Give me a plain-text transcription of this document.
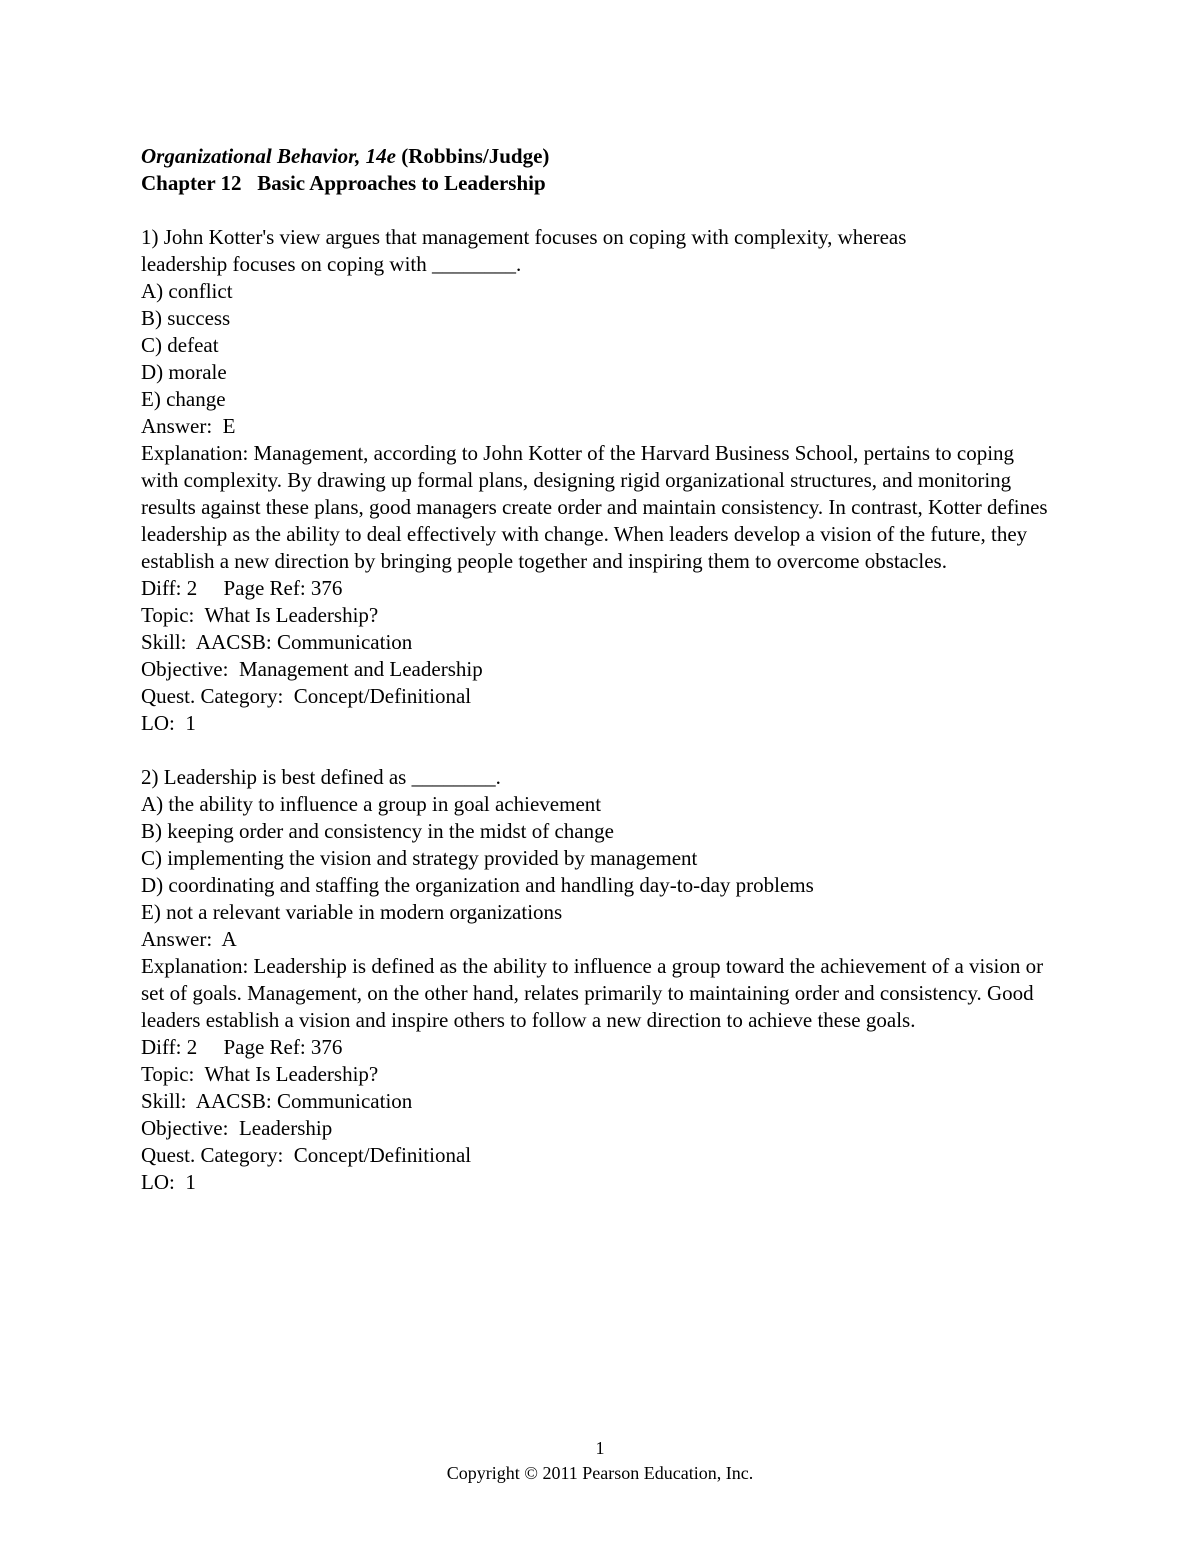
Organizational Behavior, 14e (Robbins/Judge)
Chapter 12   Basic Approaches to Leadership
1) John Kotter's view argues that management focuses on coping with complexity, whereas
leadership focuses on coping with ________.
A) conflict
B) success
C) defeat
D) morale
E) change
Answer:  E
Explanation: Management, according to John Kotter of the Harvard Business School, pertains to coping with complexity. By drawing up formal plans, designing rigid organizational structures, and monitoring results against these plans, good managers create order and maintain consistency. In contrast, Kotter defines leadership as the ability to deal effectively with change. When leaders develop a vision of the future, they establish a new direction by bringing people together and inspiring them to overcome obstacles.
Diff: 2     Page Ref: 376
Topic:  What Is Leadership?
Skill:  AACSB: Communication
Objective:  Management and Leadership
Quest. Category:  Concept/Definitional
LO:  1
2) Leadership is best defined as ________.
A) the ability to influence a group in goal achievement
B) keeping order and consistency in the midst of change
C) implementing the vision and strategy provided by management
D) coordinating and staffing the organization and handling day-to-day problems
E) not a relevant variable in modern organizations
Answer:  A
Explanation: Leadership is defined as the ability to influence a group toward the achievement of a vision or set of goals. Management, on the other hand, relates primarily to maintaining order and consistency. Good leaders establish a vision and inspire others to follow a new direction to achieve these goals.
Diff: 2     Page Ref: 376
Topic:  What Is Leadership?
Skill:  AACSB: Communication
Objective:  Leadership
Quest. Category:  Concept/Definitional
LO:  1
1
Copyright © 2011 Pearson Education, Inc.
